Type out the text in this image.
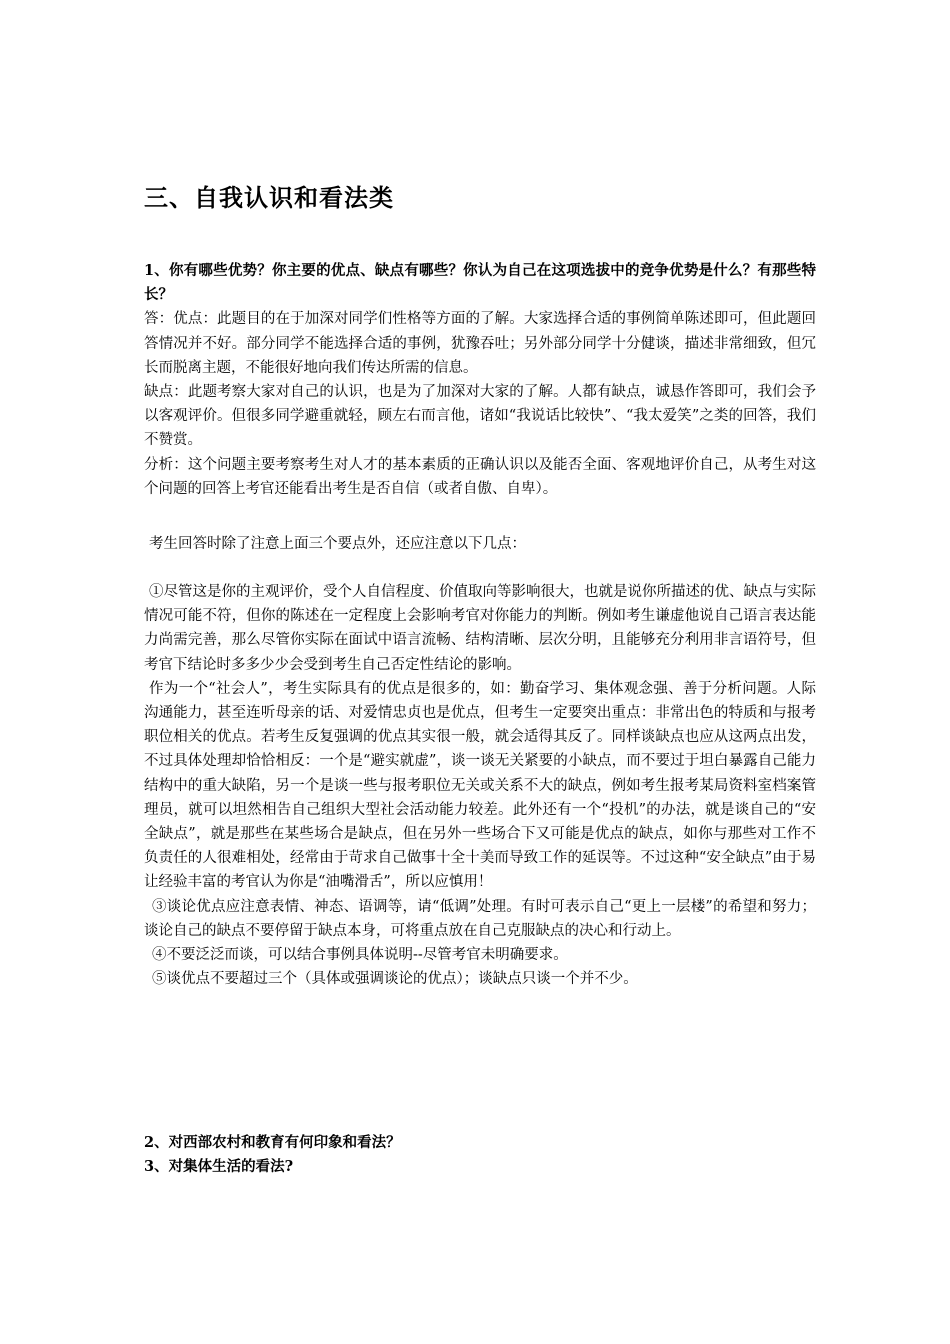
三、自我认识和看法类

1、你有哪些优势？你主要的优点、缺点有哪些？你认为自己在这项选拔中的竞争优势是什么？有那些特长？

答：优点：此题目的在于加深对同学们性格等方面的了解。大家选择合适的事例简单陈述即可，但此题回答情况并不好。部分同学不能选择合适的事例，犹豫吞吐；另外部分同学十分健谈，描述非常细致，但冗长而脱离主题，不能很好地向我们传达所需的信息。

缺点：此题考察大家对自己的认识，也是为了加深对大家的了解。人都有缺点，诚恳作答即可，我们会予以客观评价。但很多同学避重就轻，顾左右而言他，诸如“我说话比较快”、“我太爱笑”之类的回答，我们不赞赏。

分析：这个问题主要考察考生对人才的基本素质的正确认识以及能否全面、客观地评价自己，从考生对这个问题的回答上考官还能看出考生是否自信（或者自傲、自卑）。

考生回答时除了注意上面三个要点外，还应注意以下几点：

①尽管这是你的主观评价，受个人自信程度、价值取向等影响很大，也就是说你所描述的优、缺点与实际情况可能不符，但你的陈述在一定程度上会影响考官对你能力的判断。例如考生谦虚他说自己语言表达能力尚需完善，那么尽管你实际在面试中语言流畅、结构清晰、层次分明，且能够充分利用非言语符号，但考官下结论时多多少少会受到考生自己否定性结论的影响。

作为一个“社会人”，考生实际具有的优点是很多的，如：勤奋学习、集体观念强、善于分析问题。人际沟通能力，甚至连听母亲的话、对爱情忠贞也是优点，但考生一定要突出重点：非常出色的特质和与报考职位相关的优点。若考生反复强调的优点其实很一般，就会适得其反了。同样谈缺点也应从这两点出发，不过具体处理却恰恰相反：一个是“避实就虚”，谈一谈无关紧要的小缺点，而不要过于坦白暴露自己能力结构中的重大缺陷，另一个是谈一些与报考职位无关或关系不大的缺点，例如考生报考某局资料室档案管理员，就可以坦然相告自己组织大型社会活动能力较差。此外还有一个“投机”的办法，就是谈自己的“安全缺点”，就是那些在某些场合是缺点，但在另外一些场合下又可能是优点的缺点，如你与那些对工作不负责任的人很难相处，经常由于苛求自己做事十全十美而导致工作的延误等。不过这种“安全缺点”由于易让经验丰富的考官认为你是“油嘴滑舌”，所以应慎用！

③谈论优点应注意表情、神态、语调等，请“低调”处理。有时可表示自己“更上一层楼”的希望和努力；谈论自己的缺点不要停留于缺点本身，可将重点放在自己克服缺点的决心和行动上。

④不要泛泛而谈，可以结合事例具体说明--尽管考官未明确要求。

⑤谈优点不要超过三个（具体或强调谈论的优点）；谈缺点只谈一个并不少。

2、对西部农村和教育有何印象和看法？

3、对集体生活的看法?
